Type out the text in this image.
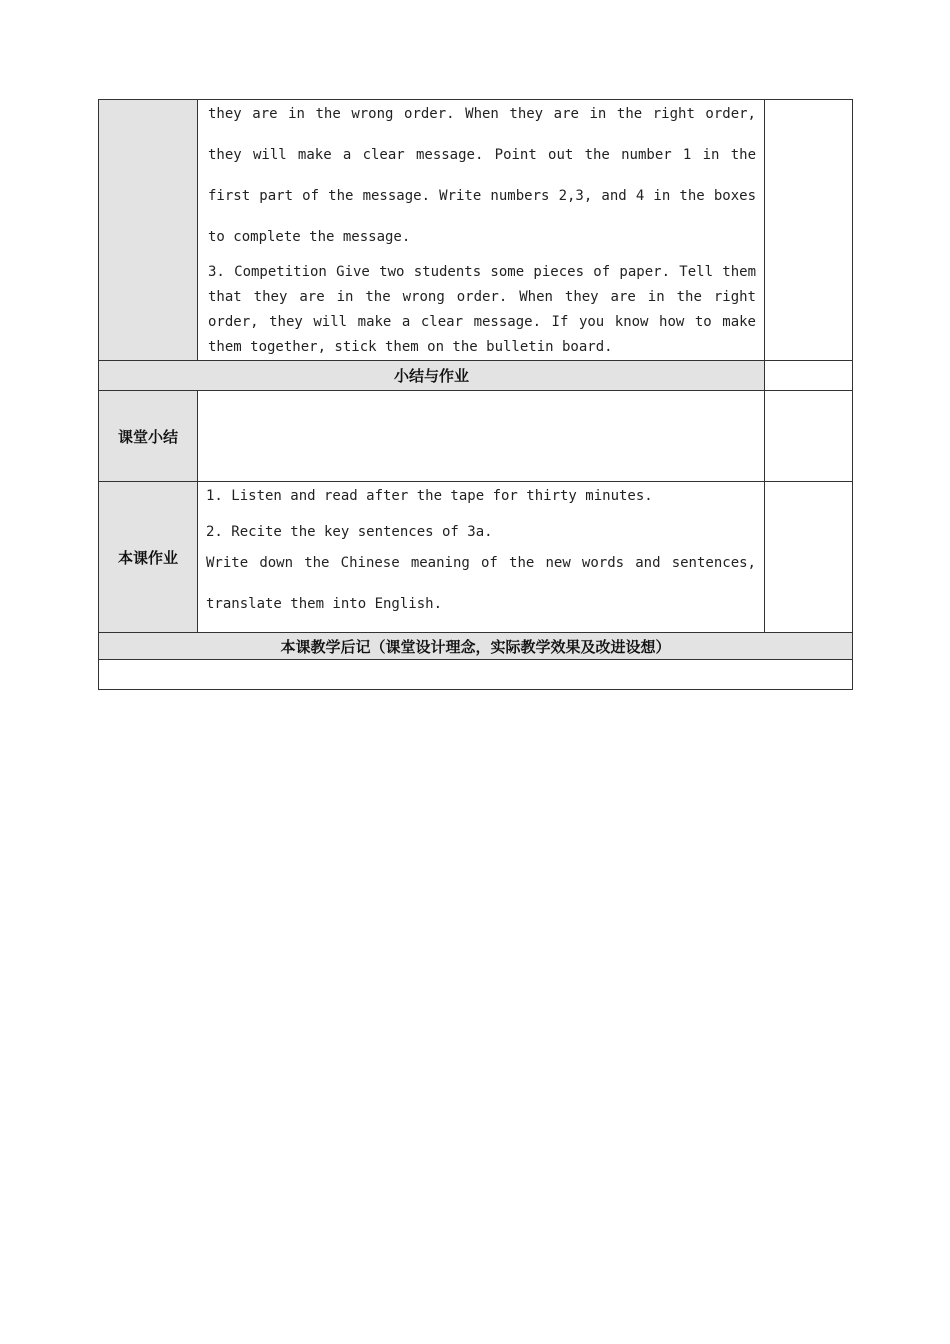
	they are in the wrong order. When they are in the right order, they will make a clear message. Point out the number 1 in the first part of the message. Write numbers 2,3, and 4 in the boxes to complete the message.

3. Competition Give two students some pieces of paper. Tell them that they are in the wrong order. When they are in the right order, they will make a clear message. If you know how to make them together, stick them on the bulletin board.	

小结与作业		
课堂小结		
本课作业	1. Listen and read after the tape for thirty minutes.

2. Recite the key sentences of 3a.

Write down the Chinese meaning of the new words and sentences, translate them into English.	

本课教学后记（课堂设计理念，实际教学效果及改进设想）		
